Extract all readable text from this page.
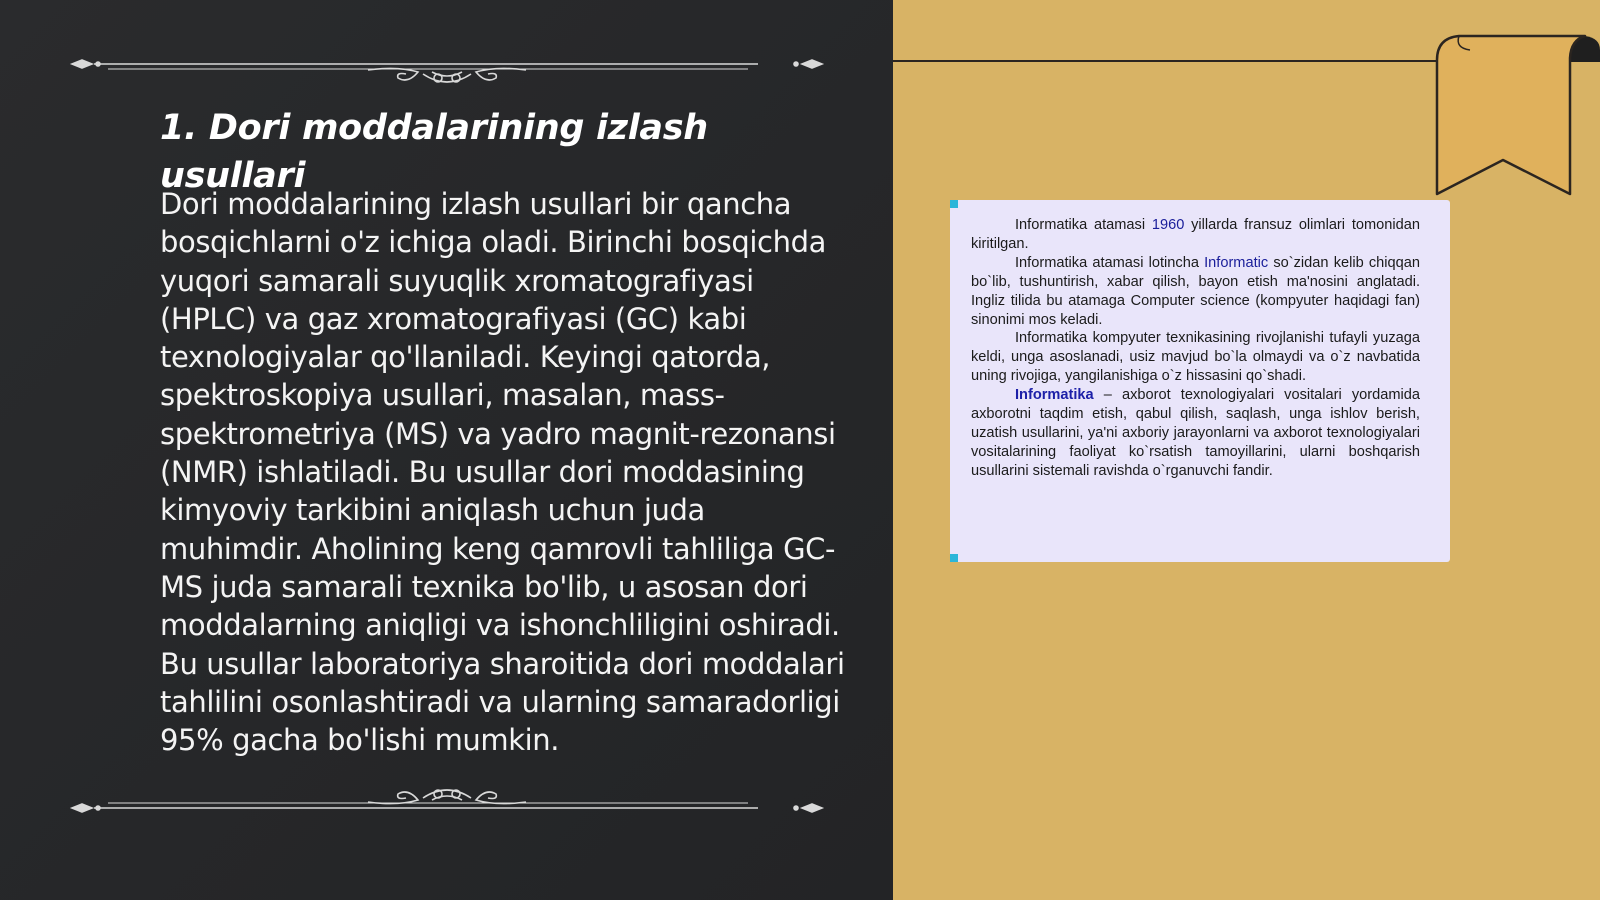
1. Dori moddalarining izlash usullari

Dori moddalarining izlash usullari bir qancha bosqichlarni o'z ichiga oladi. Birinchi bosqichda yuqori samarali suyuqlik xromatografiyasi (HPLC) va gaz xromatografiyasi (GC) kabi texnologiyalar qo'llaniladi. Keyingi qatorda, spektroskopiya usullari, masalan, mass-spektrometriya (MS) va yadro magnit-rezonansi (NMR) ishlatiladi. Bu usullar dori moddasining kimyoviy tarkibini aniqlash uchun juda muhimdir. Aholining keng qamrovli tahliliga GC-MS juda samarali texnika bo'lib, u asosan dori moddalarning aniqligi va ishonchliligini oshiradi. Bu usullar laboratoriya sharoitida dori moddalari tahlilini osonlashtiradi va ularning samaradorligi 95% gacha bo'lishi mumkin.

Informatika atamasi 1960 yillarda fransuz olimlari tomonidan kiritilgan.

Informatika atamasi lotincha Informatic so`zidan kelib chiqqan bo`lib, tushuntirish, xabar qilish, bayon etish ma'nosini anglatadi. Ingliz tilida bu atamaga Computer science (kompyuter haqidagi fan) sinonimi mos keladi.

Informatika kompyuter texnikasining rivojlanishi tufayli yuzaga keldi, unga asoslanadi, usiz mavjud bo`la olmaydi va o`z navbatida uning rivojiga, yangilanishiga o`z hissasini qo`shadi.

Informatika – axborot texnologiyalari vositalari yordamida axborotni taqdim etish, qabul qilish, saqlash, unga ishlov berish, uzatish usullarini, ya'ni axboriy jarayonlarni va axborot texnologiyalari vositalarining faoliyat ko`rsatish tamoyillarini, ularni boshqarish usullarini sistemali ravishda o`rganuvchi fandir.
